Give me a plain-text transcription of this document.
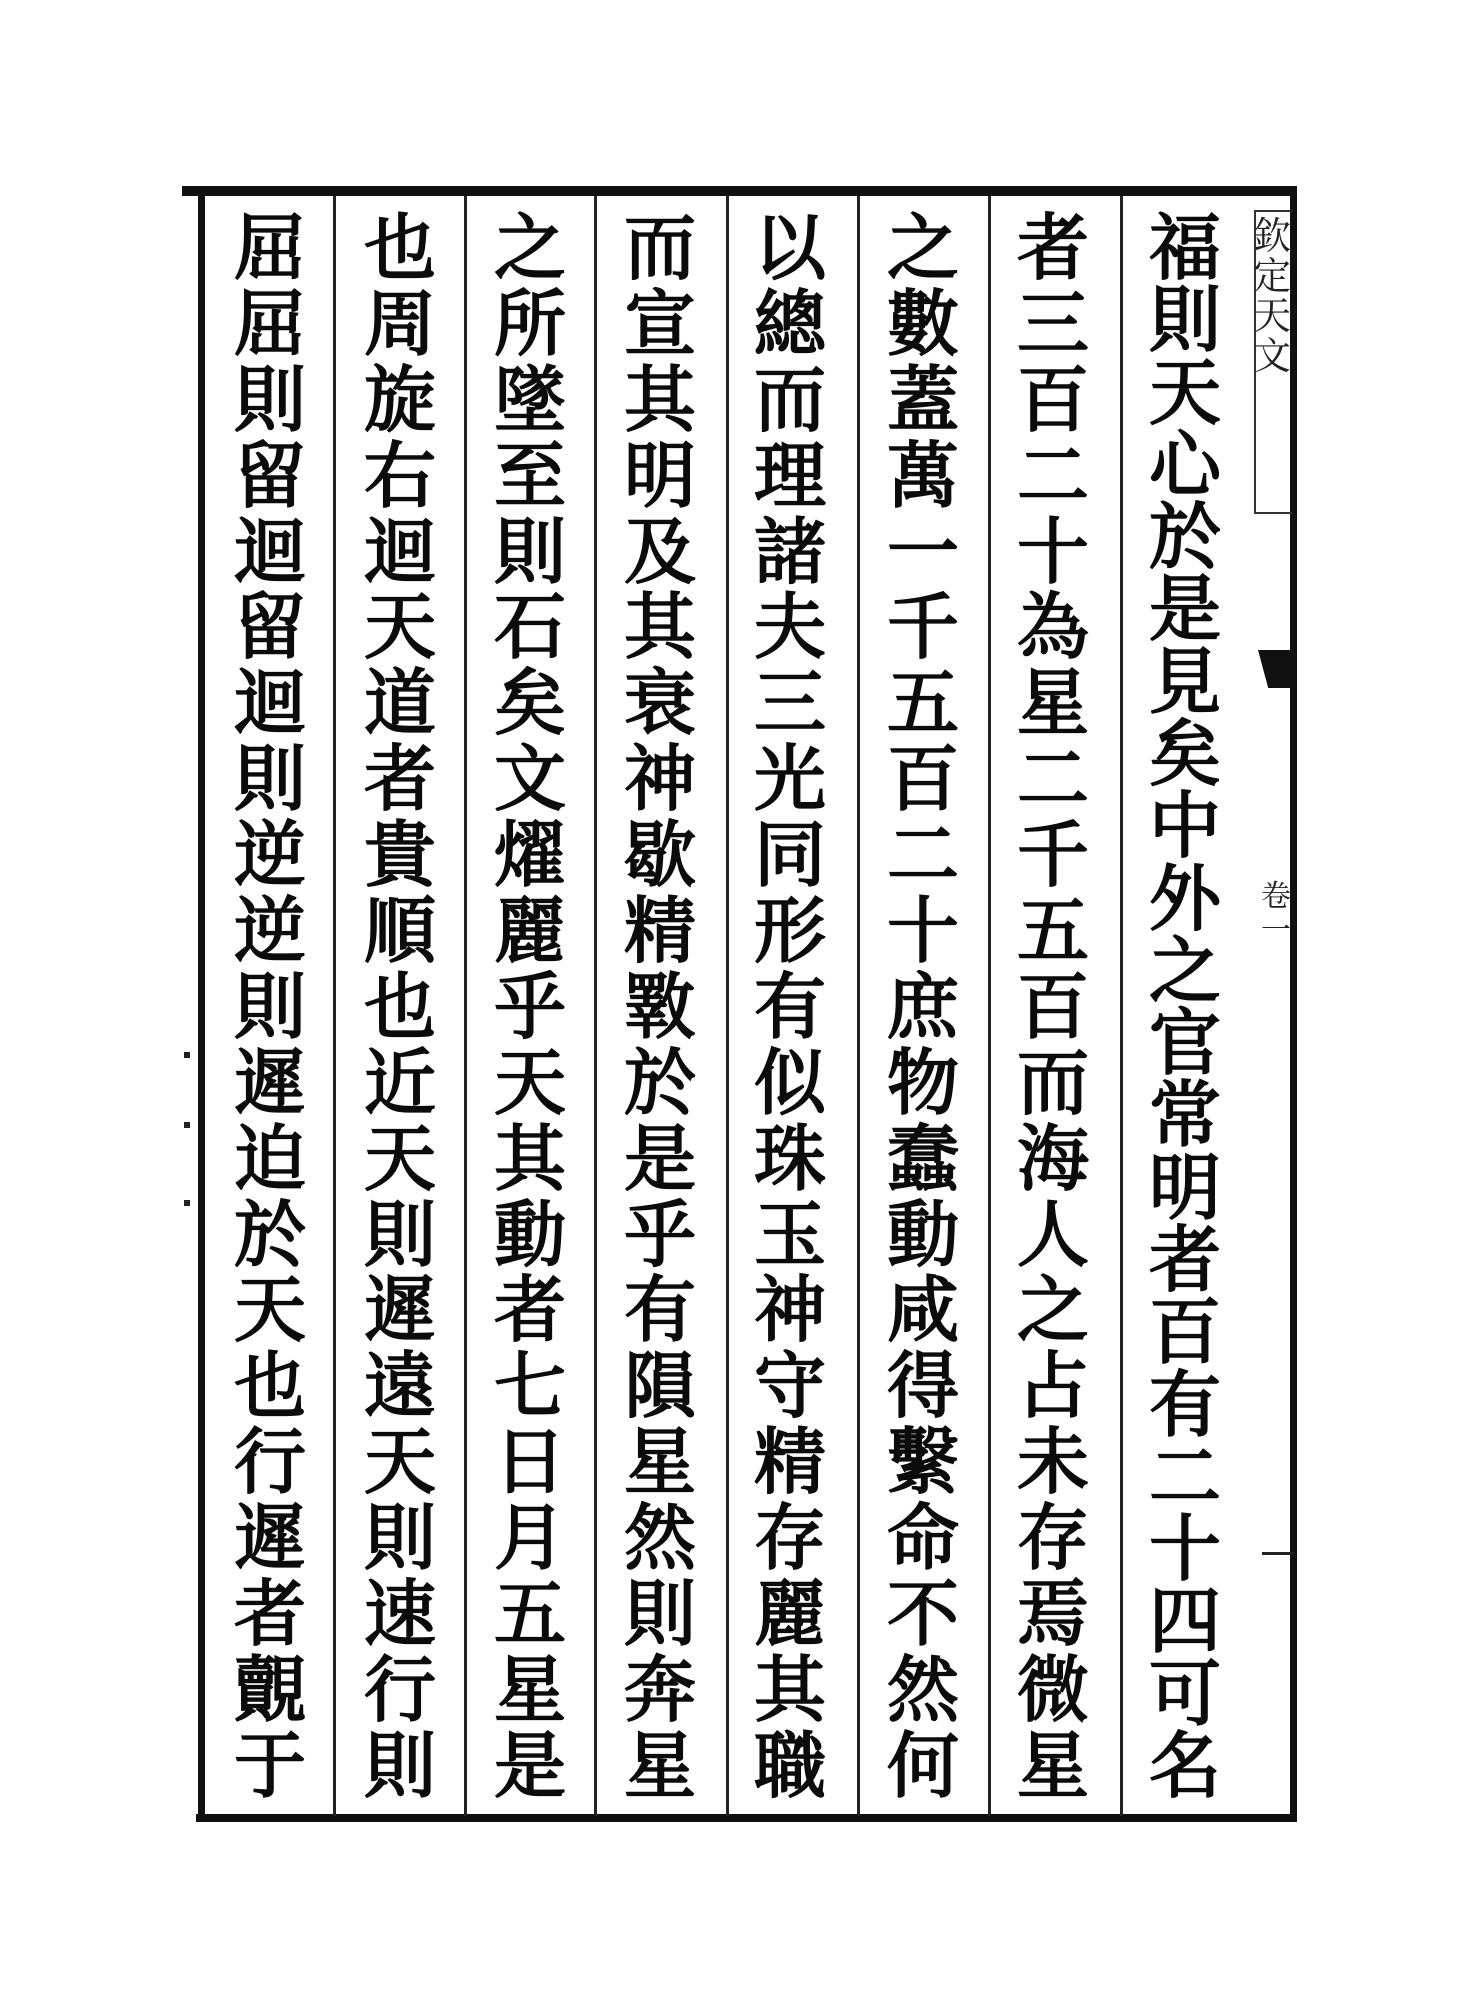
欽
定
天
文
卷
一
福
則
天
心
於
是
見
矣
中
外
之
官
常
明
者
百
有
二
十
四
可
名
者
三
百
二
十
為
星
二
千
五
百
而
海
人
之
占
未
存
焉
微
星
之
數
蓋
萬
一
千
五
百
二
十
庶
物
蠢
動
咸
得
繫
命
不
然
何
以
總
而
理
諸
夫
三
光
同
形
有
似
珠
玉
神
守
精
存
麗
其
職
而
宣
其
明
及
其
衰
神
歇
精
斁
於
是
乎
有
隕
星
然
則
奔
星
之
所
墜
至
則
石
矣
文
燿
麗
乎
天
其
動
者
七
日
月
五
星
是
也
周
旋
右
迴
天
道
者
貴
順
也
近
天
則
遲
遠
天
則
速
行
則
屈
屈
則
留
迴
留
迴
則
逆
逆
則
遲
迫
於
天
也
行
遲
者
覿
于
